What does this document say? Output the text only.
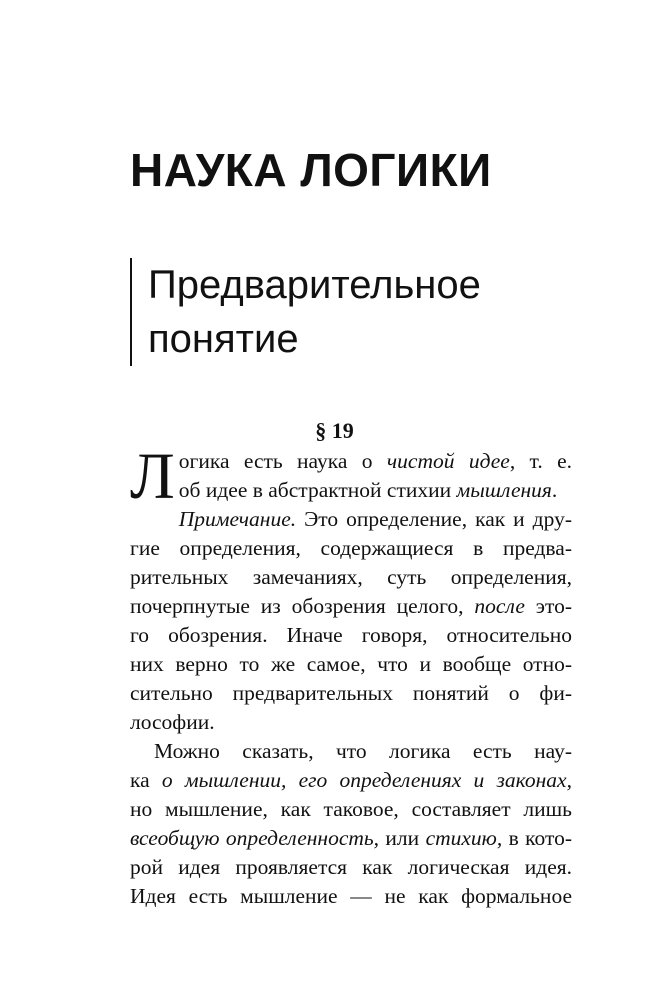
НАУКА ЛОГИКИ
Предварительное
понятие
§ 19
Л огика есть наука о чистой идее, т. е.
об идее в абстрактной стихии мышления.
Примечание. Это определение, как и дру-
гие определения, содержащиеся в предва-
рительных замечаниях, суть определения,
почерпнутые из обозрения целого, после это-
го обозрения. Иначе говоря, относительно
них верно то же самое, что и вообще отно-
сительно предварительных понятий о фи-
лософии.
Можно сказать, что логика есть нау-
ка о мышлении, его определениях и законах,
но мышление, как таковое, составляет лишь
всеобщую определенность, или стихию, в кото-
рой идея проявляется как логическая идея.
Идея есть мышление — не как формальное
